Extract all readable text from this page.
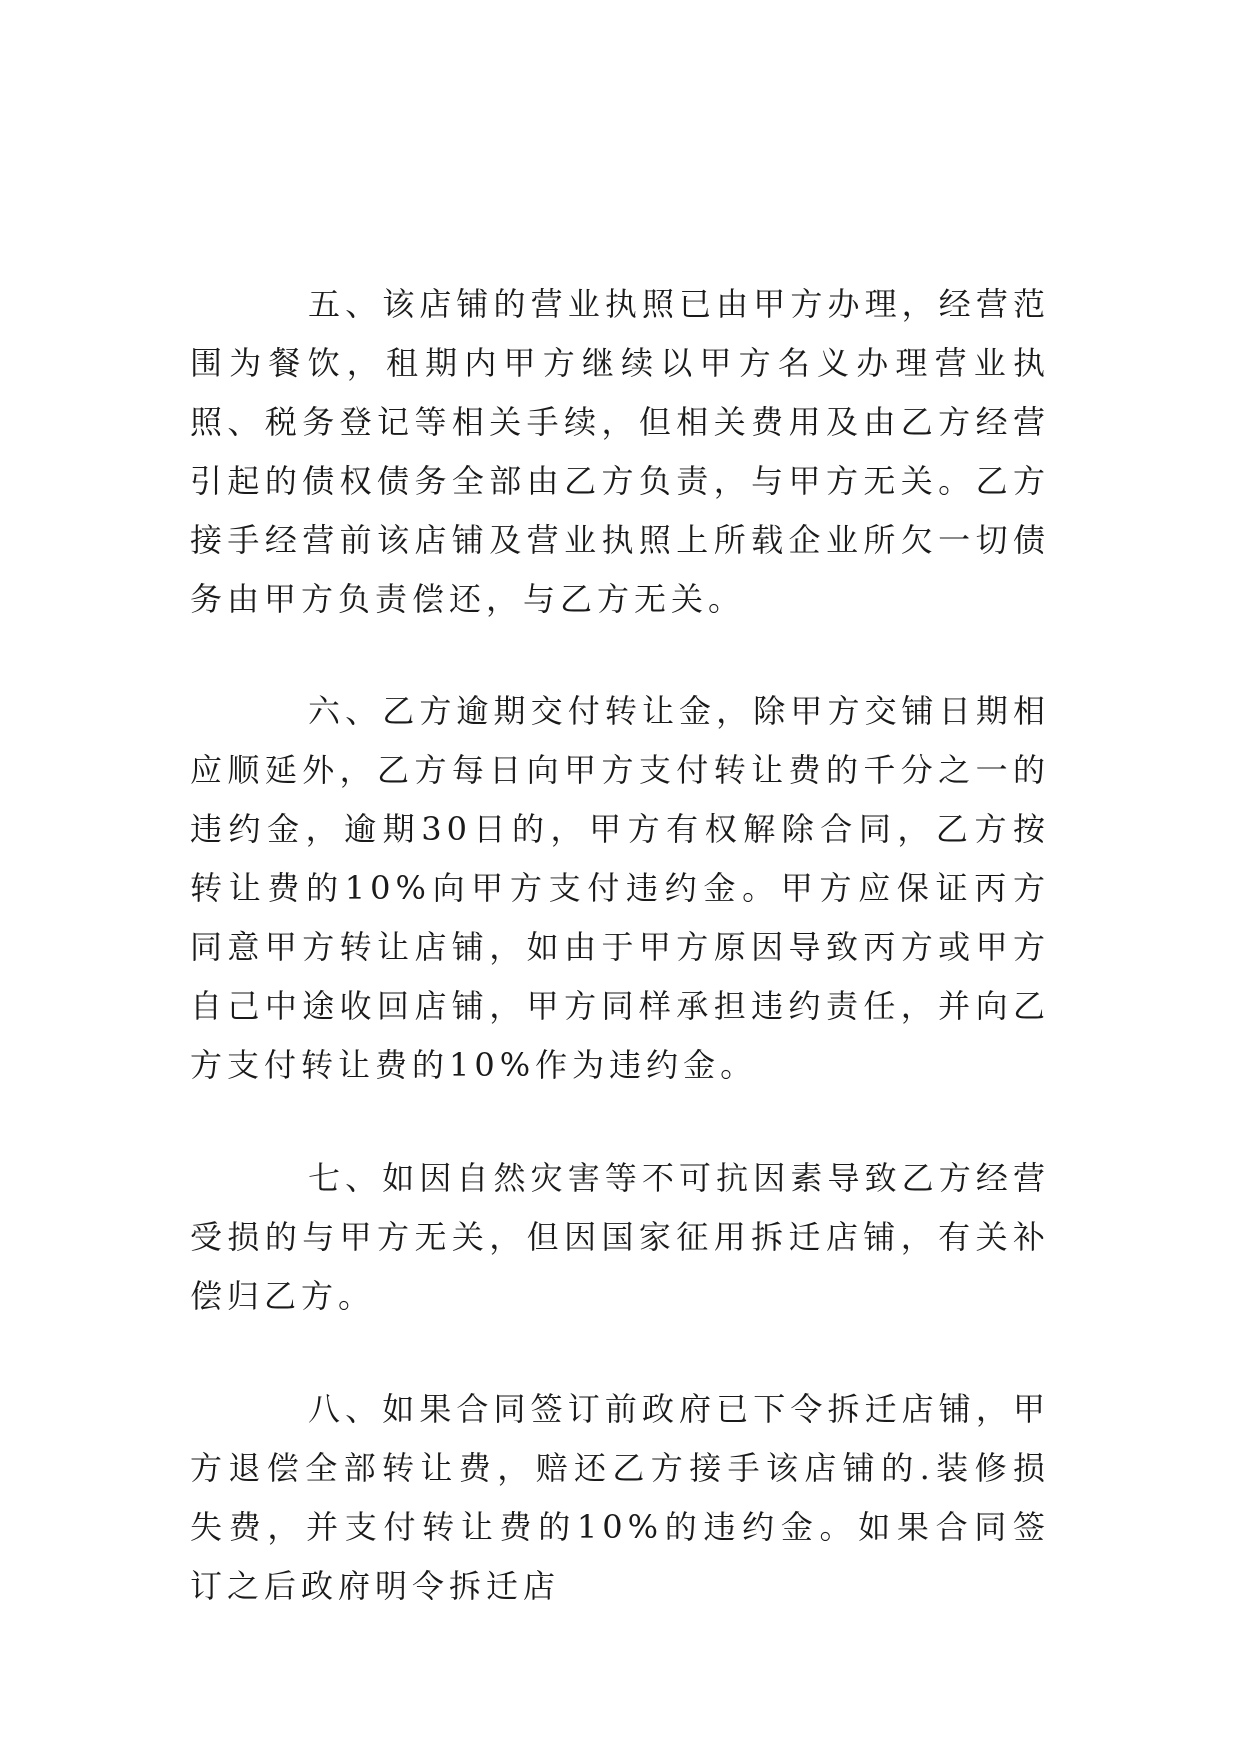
五、该店铺的营业执照已由甲方办理，经营范围为餐饮，租期内甲方继续以甲方名义办理营业执照、税务登记等相关手续，但相关费用及由乙方经营引起的债权债务全部由乙方负责，与甲方无关。乙方接手经营前该店铺及营业执照上所载企业所欠一切债务由甲方负责偿还，与乙方无关。

六、乙方逾期交付转让金，除甲方交铺日期相应顺延外，乙方每日向甲方支付转让费的千分之一的违约金，逾期30日的，甲方有权解除合同，乙方按转让费的10%向甲方支付违约金。甲方应保证丙方同意甲方转让店铺，如由于甲方原因导致丙方或甲方自己中途收回店铺，甲方同样承担违约责任，并向乙方支付转让费的10%作为违约金。

七、如因自然灾害等不可抗因素导致乙方经营受损的与甲方无关，但因国家征用拆迁店铺，有关补偿归乙方。

八、如果合同签订前政府已下令拆迁店铺，甲方退偿全部转让费，赔还乙方接手该店铺的.装修损失费，并支付转让费的10%的违约金。如果合同签订之后政府明令拆迁店
